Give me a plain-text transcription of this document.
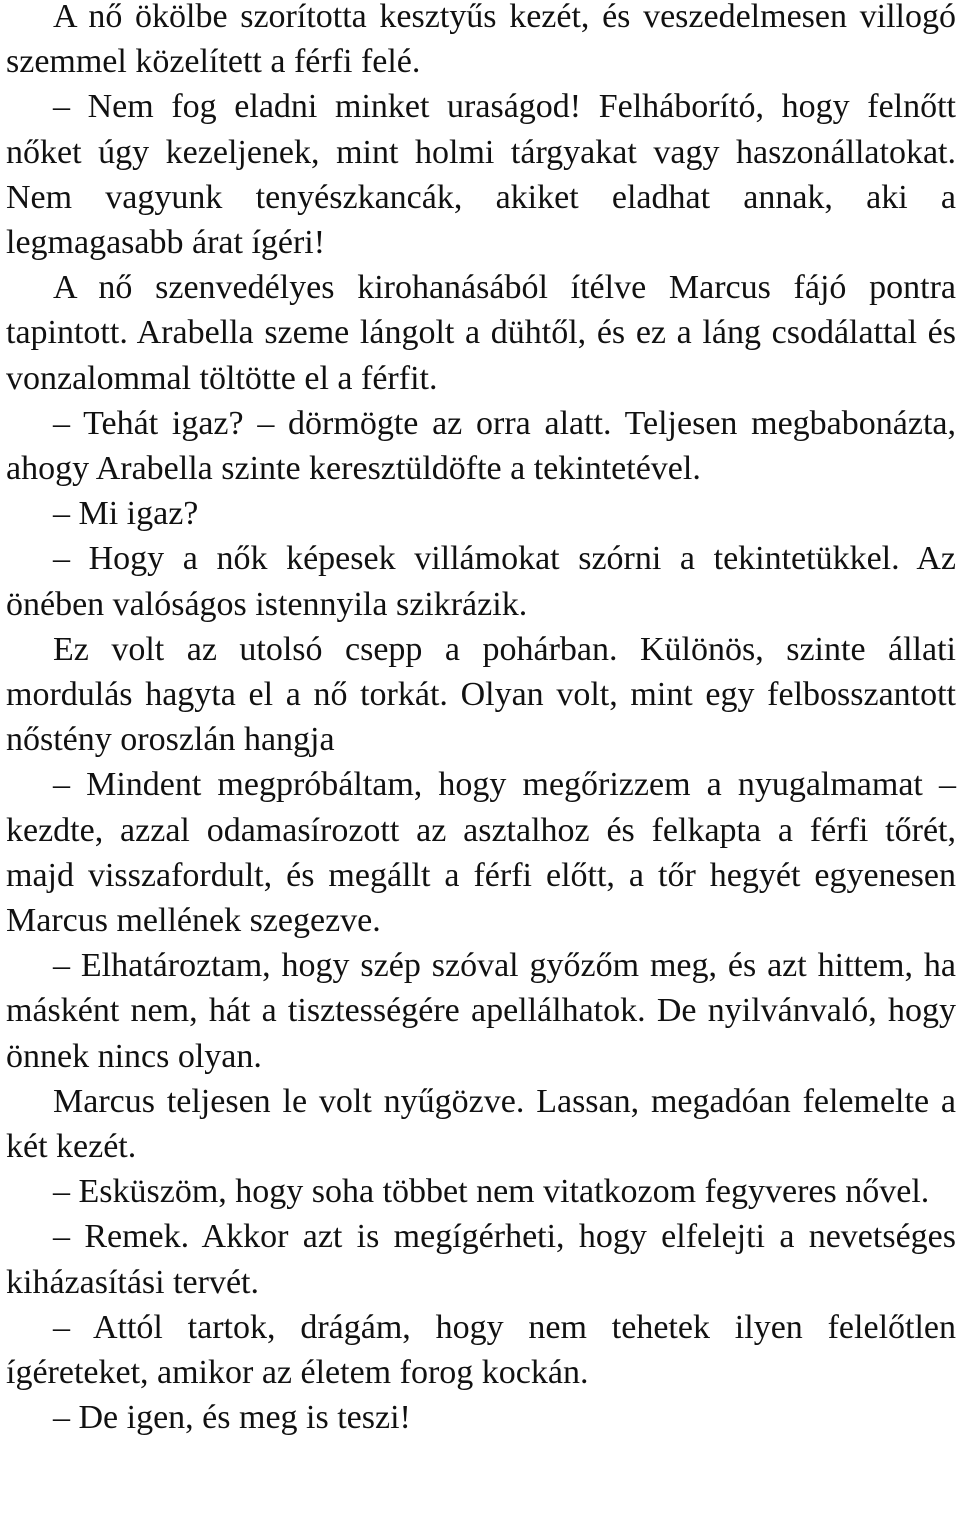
A nő ökölbe szorította kesztyűs kezét, és veszedelmesen villogó szemmel közelített a férfi felé.

– Nem fog eladni minket uraságod! Felháborító, hogy felnőtt nőket úgy kezeljenek, mint holmi tárgyakat vagy haszonállatokat. Nem vagyunk tenyészkancák, akiket eladhat annak, aki a legmagasabb árat ígéri!

A nő szenvedélyes kirohanásából ítélve Marcus fájó pontra tapintott. Arabella szeme lángolt a dühtől, és ez a láng csodálattal és vonzalommal töltötte el a férfit.

– Tehát igaz? – dörmögte az orra alatt. Teljesen megbabonázta, ahogy Arabella szinte keresztüldöfte a tekintetével.

– Mi igaz?

– Hogy a nők képesek villámokat szórni a tekintetükkel. Az önében valóságos istennyila szikrázik.

Ez volt az utolsó csepp a pohárban. Különös, szinte állati mordulás hagyta el a nő torkát. Olyan volt, mint egy felbosszantott nőstény oroszlán hangja

– Mindent megpróbáltam, hogy megőrizzem a nyugalmamat – kezdte, azzal odamasírozott az asztalhoz és felkapta a férfi tőrét, majd visszafordult, és megállt a férfi előtt, a tőr hegyét egyenesen Marcus mellének szegezve.

– Elhatároztam, hogy szép szóval győzőm meg, és azt hittem, ha másként nem, hát a tisztességére apellálhatok. De nyilvánvaló, hogy önnek nincs olyan.

Marcus teljesen le volt nyűgözve. Lassan, megadóan felemelte a két kezét.

– Esküszöm, hogy soha többet nem vitatkozom fegyveres nővel.

– Remek. Akkor azt is megígérheti, hogy elfelejti a nevetséges kiházasítási tervét.

– Attól tartok, drágám, hogy nem tehetek ilyen felelőtlen ígéreteket, amikor az életem forog kockán.

– De igen, és meg is teszi!
